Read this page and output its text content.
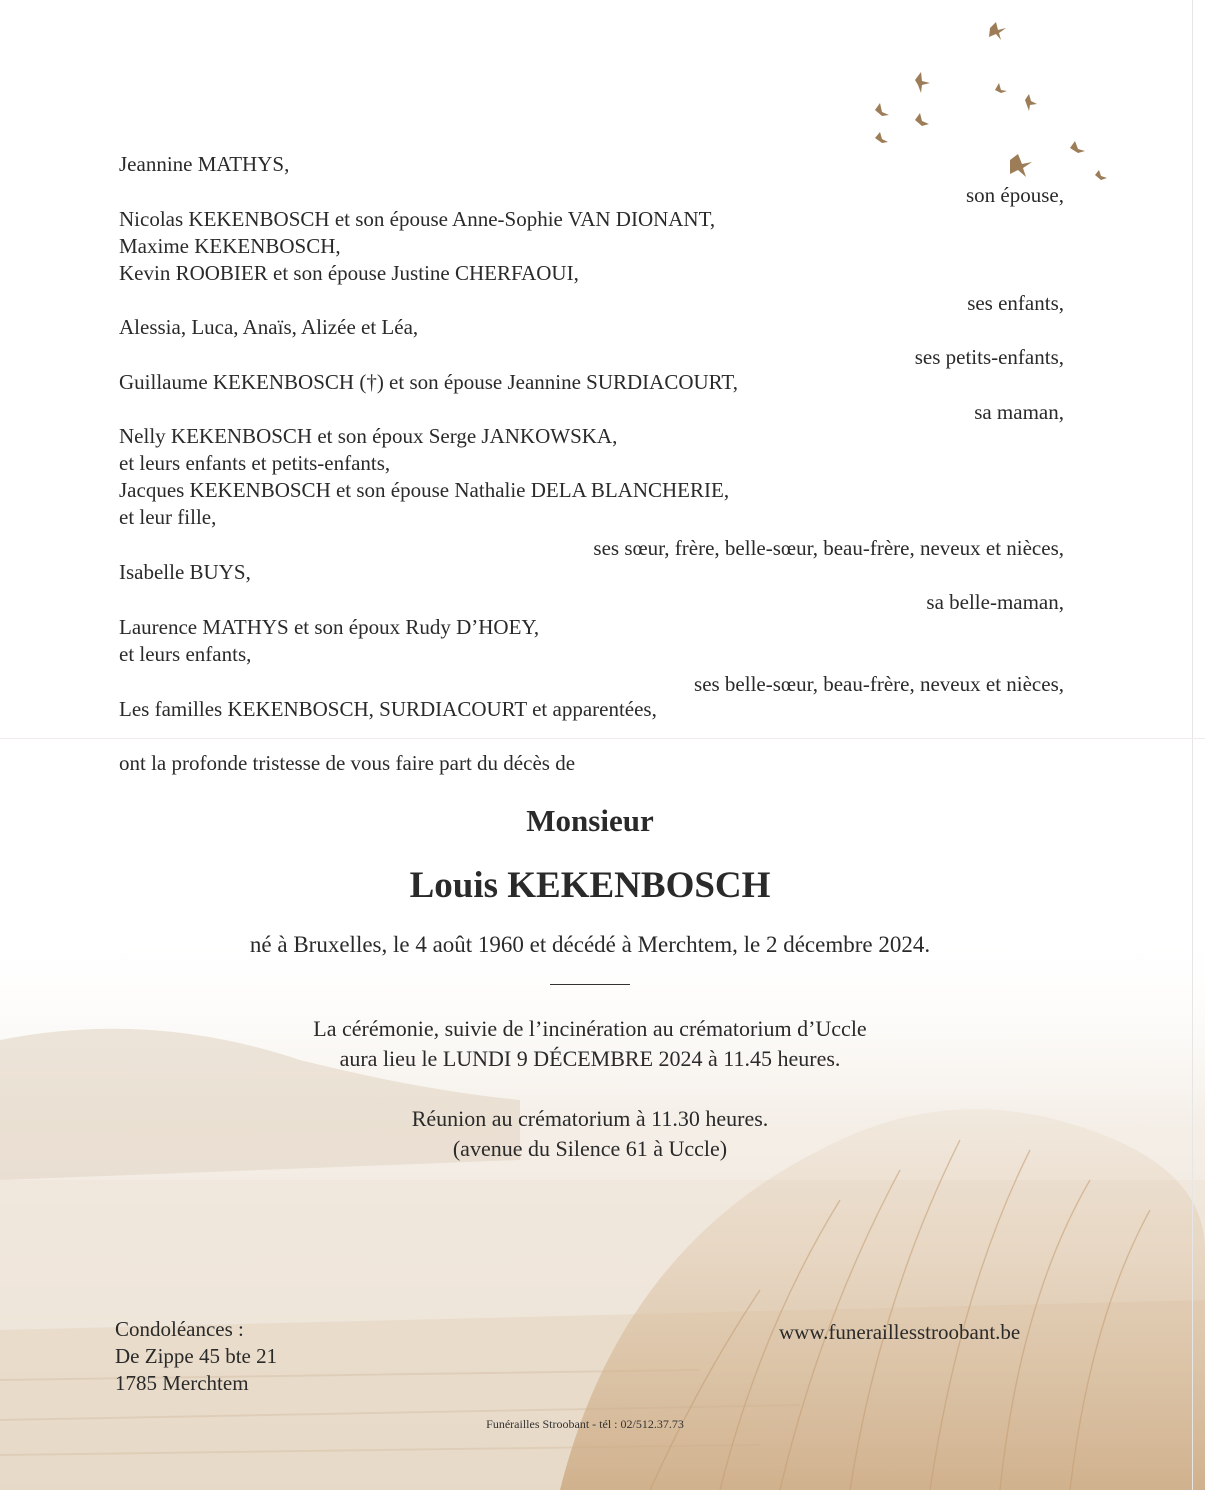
Jeannine MATHYS,
son épouse,
Nicolas KEKENBOSCH et son épouse Anne-Sophie VAN DIONANT,
Maxime KEKENBOSCH,
Kevin ROOBIER et son épouse Justine CHERFAOUI,
ses enfants,
Alessia, Luca, Anaïs, Alizée et Léa,
ses petits-enfants,
Guillaume KEKENBOSCH (†) et son épouse Jeannine SURDIACOURT,
sa maman,
Nelly KEKENBOSCH et son époux Serge JANKOWSKA,
et leurs enfants et petits-enfants,
Jacques KEKENBOSCH et son épouse Nathalie DELA BLANCHERIE,
et leur fille,
ses sœur, frère, belle-sœur, beau-frère, neveux et nièces,
Isabelle BUYS,
sa belle-maman,
Laurence MATHYS et son époux Rudy D’HOEY,
et leurs enfants,
ses belle-sœur, beau-frère, neveux et nièces,
Les familles KEKENBOSCH, SURDIACOURT et apparentées,
ont la profonde tristesse de vous faire part du décès de
Monsieur
Louis KEKENBOSCH
né à Bruxelles, le 4 août 1960 et décédé à Merchtem, le 2 décembre 2024.
La cérémonie, suivie de l’incinération au crématorium d’Uccle
aura lieu le LUNDI 9 DÉCEMBRE 2024 à 11.45 heures.
Réunion au crématorium à 11.30 heures.
(avenue du Silence 61 à Uccle)
Condoléances :
De Zippe 45 bte 21
1785 Merchtem
www.funeraillesstroobant.be
Funérailles Stroobant - tél : 02/512.37.73
